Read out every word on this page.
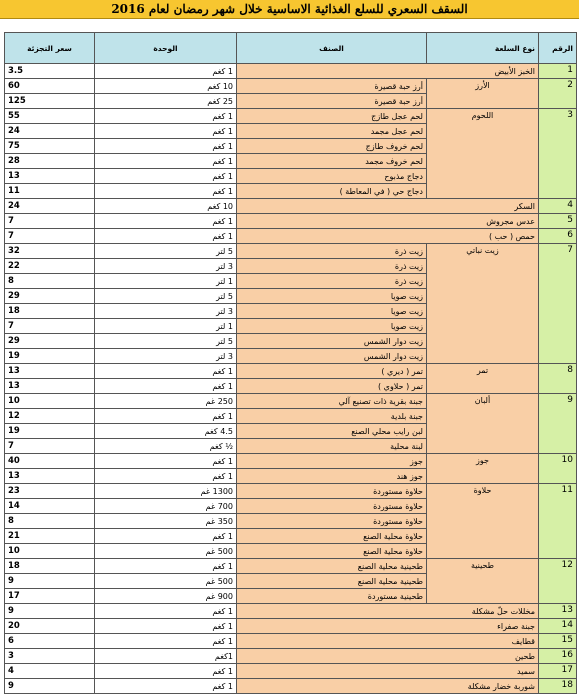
السقف السعري للسلع الغذائية الاساسية خلال شهر رمضان لعام 2016
الرقم	نوع السلعة	الصنف	الوحدة	سعر التجزئة
1	الخبز الأبيض		1 كغم	3.5
2	الأرز	أرز حبة قصيرة	10 كغم	60
		أرز حبة قصيرة	25 كغم	125
3	اللحوم	لحم عجل طازج	1 كغم	55
		لحم عجل مجمد	1 كغم	24
		لحم خروف طازج	1 كغم	75
		لحم خروف مجمد	1 كغم	28
		دجاج مذبوح	1 كغم	13
		دجاج حي ( في المعاطة )	1 كغم	11
4	السكر		10 كغم	24
5	عدس مجروش		1 كغم	7
6	حمص ( حب )		1 كغم	7
7	زيت نباتي	زيت ذرة	5 لتر	32
		زيت ذرة	3 لتر	22
		زيت ذرة	1 لتر	8
		زيت صويا	5 لتر	29
		زيت صويا	3 لتر	18
		زيت صويا	1 لتر	7
		زيت دوار الشمس	5 لتر	29
		زيت دوار الشمس	3 لتر	19
8	تمر	تمر ( ديري )	1 كغم	13
		تمر ( حلاوي )	1 كغم	13
9	ألبان	جبنة بقرية ذات تصنيع آلي	250 غم	10
		جبنة بلدية	1 كغم	12
		لبن رايب محلي الصنع	4.5 كغم	19
		لبنة محلية	½ كغم	7
10	جوز	جوز	1 كغم	40
		جوز هند	1 كغم	13
11	حلاوة	حلاوة مستوردة	1300 غم	23
		حلاوة مستوردة	700 غم	14
		حلاوة مستوردة	350 غم	8
		حلاوة محلية الصنع	1 كغم	21
		حلاوة محلية الصنع	500 غم	10
12	طحينية	طحينية محلية الصنع	1 كغم	18
		طحينية محلية الصنع	500 غم	9
		طحينية مستوردة	900 غم	17
13	مخللات حلّ مشكلة		1 كغم	9
14	جبنة صفراء		1 كغم	20
15	قطايف		1 كغم	6
16	طحين		1كغم	3
17	سميد		1 كغم	4
18	شوربة خضار مشكلة		1 كغم	9
